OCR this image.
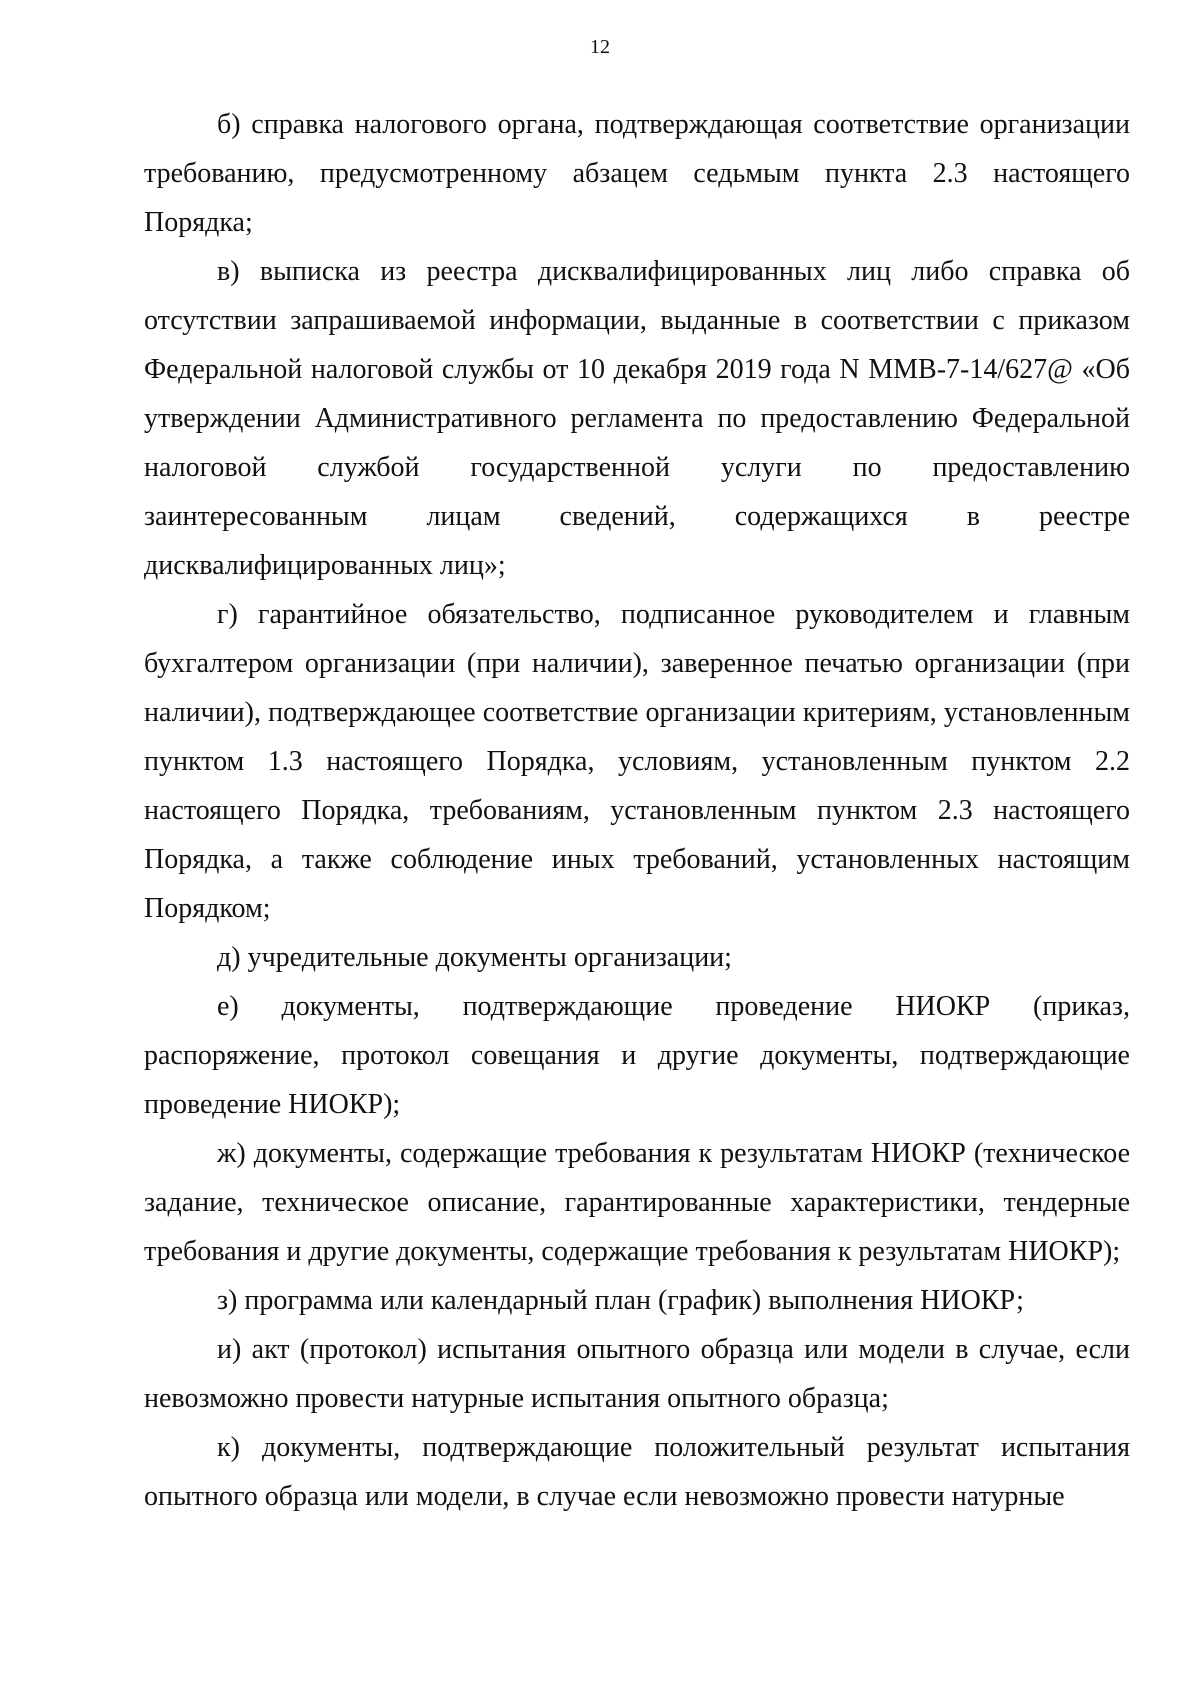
12

б) справка налогового органа, подтверждающая соответствие организации требованию, предусмотренному абзацем седьмым пункта 2.3 настоящего Порядка;

в) выписка из реестра дисквалифицированных лиц либо справка об отсутствии запрашиваемой информации, выданные в соответствии с приказом Федеральной налоговой службы от 10 декабря 2019 года N ММВ-7-14/627@ «Об утверждении Административного регламента по предоставлению Федеральной налоговой службой государственной услуги по предоставлению заинтересованным лицам сведений, содержащихся в реестре дисквалифицированных лиц»;

г) гарантийное обязательство, подписанное руководителем и главным бухгалтером организации (при наличии), заверенное печатью организации (при наличии), подтверждающее соответствие организации критериям, установленным пунктом 1.3 настоящего Порядка, условиям, установленным пунктом 2.2 настоящего Порядка, требованиям, установленным пунктом 2.3 настоящего Порядка, а также соблюдение иных требований, установленных настоящим Порядком;

д) учредительные документы организации;

е) документы, подтверждающие проведение НИОКР (приказ, распоряжение, протокол совещания и другие документы, подтверждающие проведение НИОКР);

ж) документы, содержащие требования к результатам НИОКР (техническое задание, техническое описание, гарантированные характеристики, тендерные требования и другие документы, содержащие требования к результатам НИОКР);

з) программа или календарный план (график) выполнения НИОКР;

и) акт (протокол) испытания опытного образца или модели в случае, если невозможно провести натурные испытания опытного образца;

к) документы, подтверждающие положительный результат испытания опытного образца или модели, в случае если невозможно провести натурные
